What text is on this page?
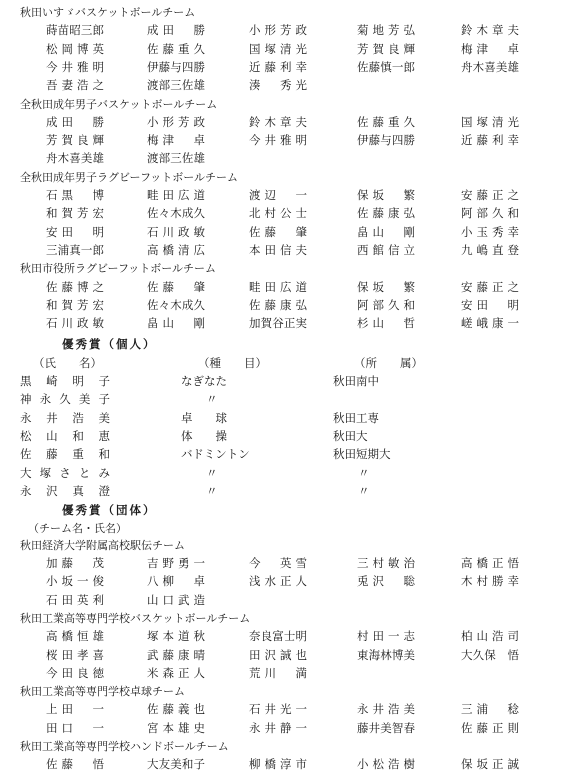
秋田いすゞバスケットボールチーム
蒔苗昭三郎	成田　勝	小形芳政	菊地芳弘	鈴木章夫
松岡博英	佐藤重久	国塚清光	芳賀良輝	梅津　卓
今井雅明	伊藤与四勝	近藤利幸	佐藤慎一郎	舟木喜美雄
吾妻浩之	渡部三佐雄	湊　秀光
全秋田成年男子バスケットボールチーム
成田　勝	小形芳政	鈴木章夫	佐藤重久	国塚清光
芳賀良輝	梅津　卓	今井雅明	伊藤与四勝	近藤利幸
舟木喜美雄	渡部三佐雄
全秋田成年男子ラグビーフットボールチーム
石黒　博	畦田広道	渡辺　一	保坂　繁	安藤正之
和賀芳宏	佐々木成久	北村公士	佐藤康弘	阿部久和
安田　明	石川政敏	佐藤　肇	畠山　剛	小玉秀幸
三浦真一郎	高橋清広	本田信夫	西館信立	九嶋直登
秋田市役所ラグビーフットボールチーム
佐藤博之	佐藤　肇	畦田広道	保坂　繁	安藤正之
和賀芳宏	佐々木成久	佐藤康弘	阿部久和	安田　明
石川政敏	畠山　剛	加賀谷正実	杉山　哲	嵯峨康一
優秀賞（個人）
（氏　　名）	（種　　目）	（所　　属）
黒崎明子	なぎなた	秋田南中
神永久美子	〃
永井浩美	卓　　球	秋田工専
松山和恵	体　　操	秋田大
佐藤重和	バドミントン	秋田短期大
大塚さとみ	〃	〃
永沢真澄	〃	〃
優秀賞（団体）
（チーム名・氏名）
秋田経済大学附属高校駅伝チーム
加藤　茂	吉野勇一	今　英雪	三村敏治	高橋正悟
小坂一俊	八柳　卓	浅水正人	兎沢　聡	木村勝幸
石田英利	山口武造
秋田工業高等専門学校バスケットボールチーム
高橋恒雄	塚本道秋	奈良富士明	村田一志	柏山浩司
桜田孝喜	武藤康晴	田沢誠也	東海林博美	大久保　悟
今田良徳	米森正人	荒川　満
秋田工業高等専門学校卓球チーム
上田　一	佐藤義也	石井光一	永井浩美	三浦　稔
田口　一	宮本雄史	永井静一	藤井美智春	佐藤正則
秋田工業高等専門学校ハンドボールチーム
佐藤　悟	大友美和子	柳橋淳市	小松浩樹	保坂正誠
